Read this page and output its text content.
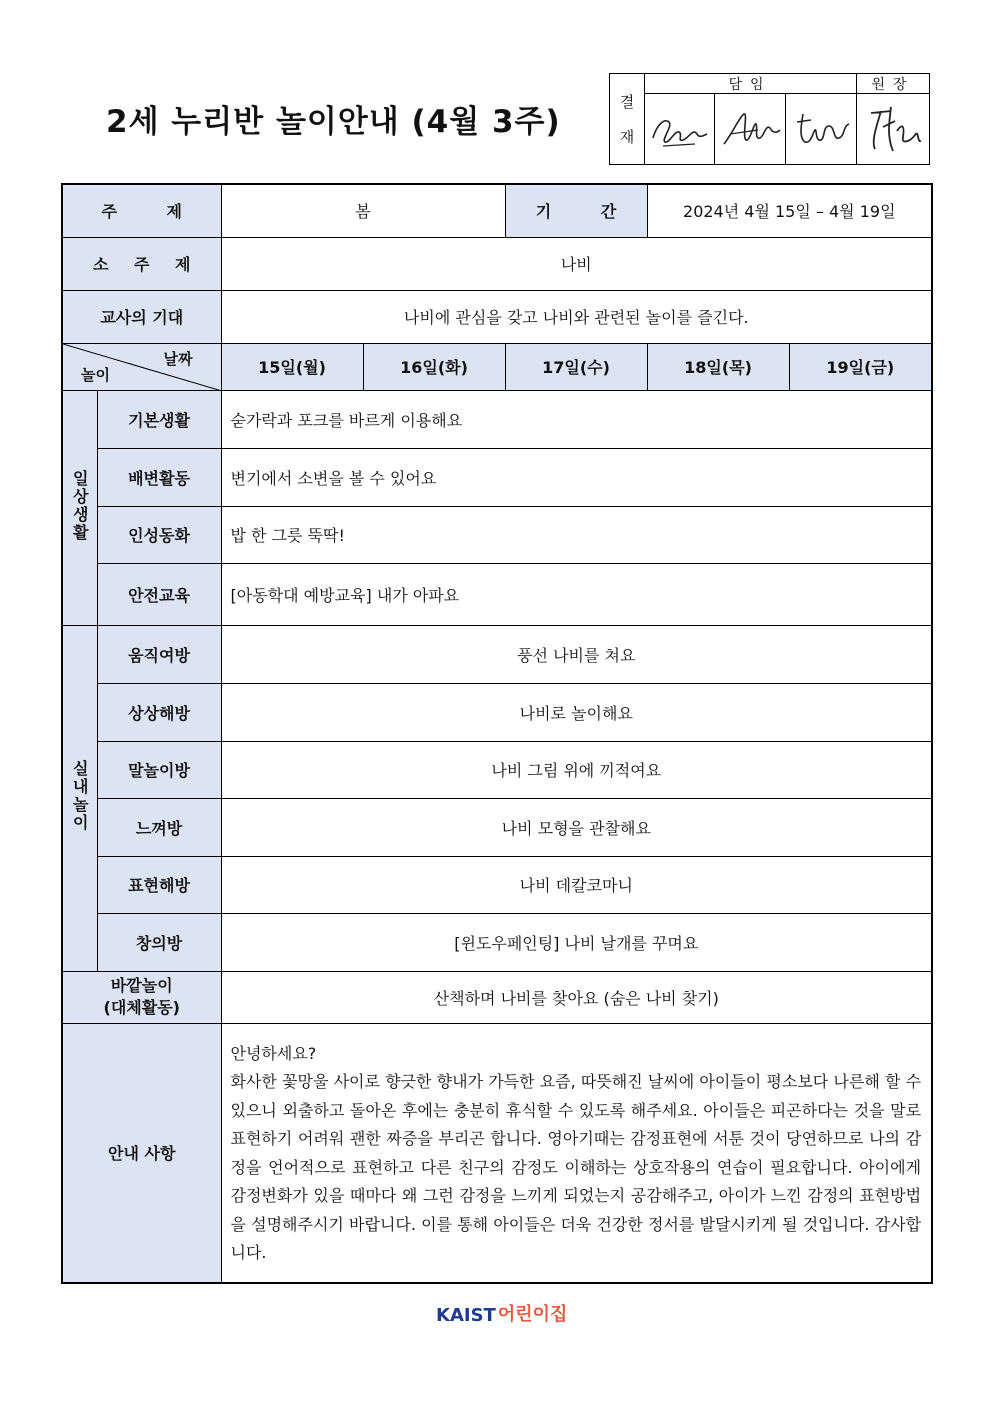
2세 누리반 놀이안내 (4월 3주)
결
재
담임	원장
주 제		봄		기 간	2024년 4월 15일 – 4월 19일	
소 주 제		나비				
교사의 기대		나비에 관심을 갖고 나비와 관련된 놀이를 즐긴다.				

날짜
놀이		15일(월)	16일(화)	17일(수)	18일(목)	19일(금)
일상생활	기본생활	숟가락과 포크를 바르게 이용해요				
	배변활동	변기에서 소변을 볼 수 있어요				
	인성동화	밥 한 그릇 뚝딱!				
	안전교육	[아동학대 예방교육] 내가 아파요				
실내놀이	움직여방	풍선 나비를 쳐요				
	상상해방	나비로 놀이해요				
	말놀이방	나비 그림 위에 끼적여요				
	느껴방	나비 모형을 관찰해요				
	표현해방	나비 데칼코마니				
	창의방	[윈도우페인팅] 나비 날개를 꾸며요				

바깥놀이
(대체활동)		산책하며 나비를 찾아요 (숨은 나비 찾기)				
안내 사항		안녕하세요?
화사한 꽃망울 사이로 향긋한 향내가 가득한 요즘, 따뜻해진 날씨에 아이들이 평소보다 나른해 할 수 있으니 외출하고 돌아온 후에는 충분히 휴식할 수 있도록 해주세요. 아이들은 피곤하다는 것을 말로 표현하기 어려워 괜한 짜증을 부리곤 합니다. 영아기때는 감정표현에 서툰 것이 당연하므로 나의 감정을 언어적으로 표현하고 다른 친구의 감정도 이해하는 상호작용의 연습이 필요합니다. 아이에게 감정변화가 있을 때마다 왜 그런 감정을 느끼게 되었는지 공감해주고, 아이가 느낀 감정의 표현방법을 설명해주시기 바랍니다. 이를 통해 아이들은 더욱 건강한 정서를 발달시키게 될 것입니다. 감사합니다.				
KAIST 어린이집
